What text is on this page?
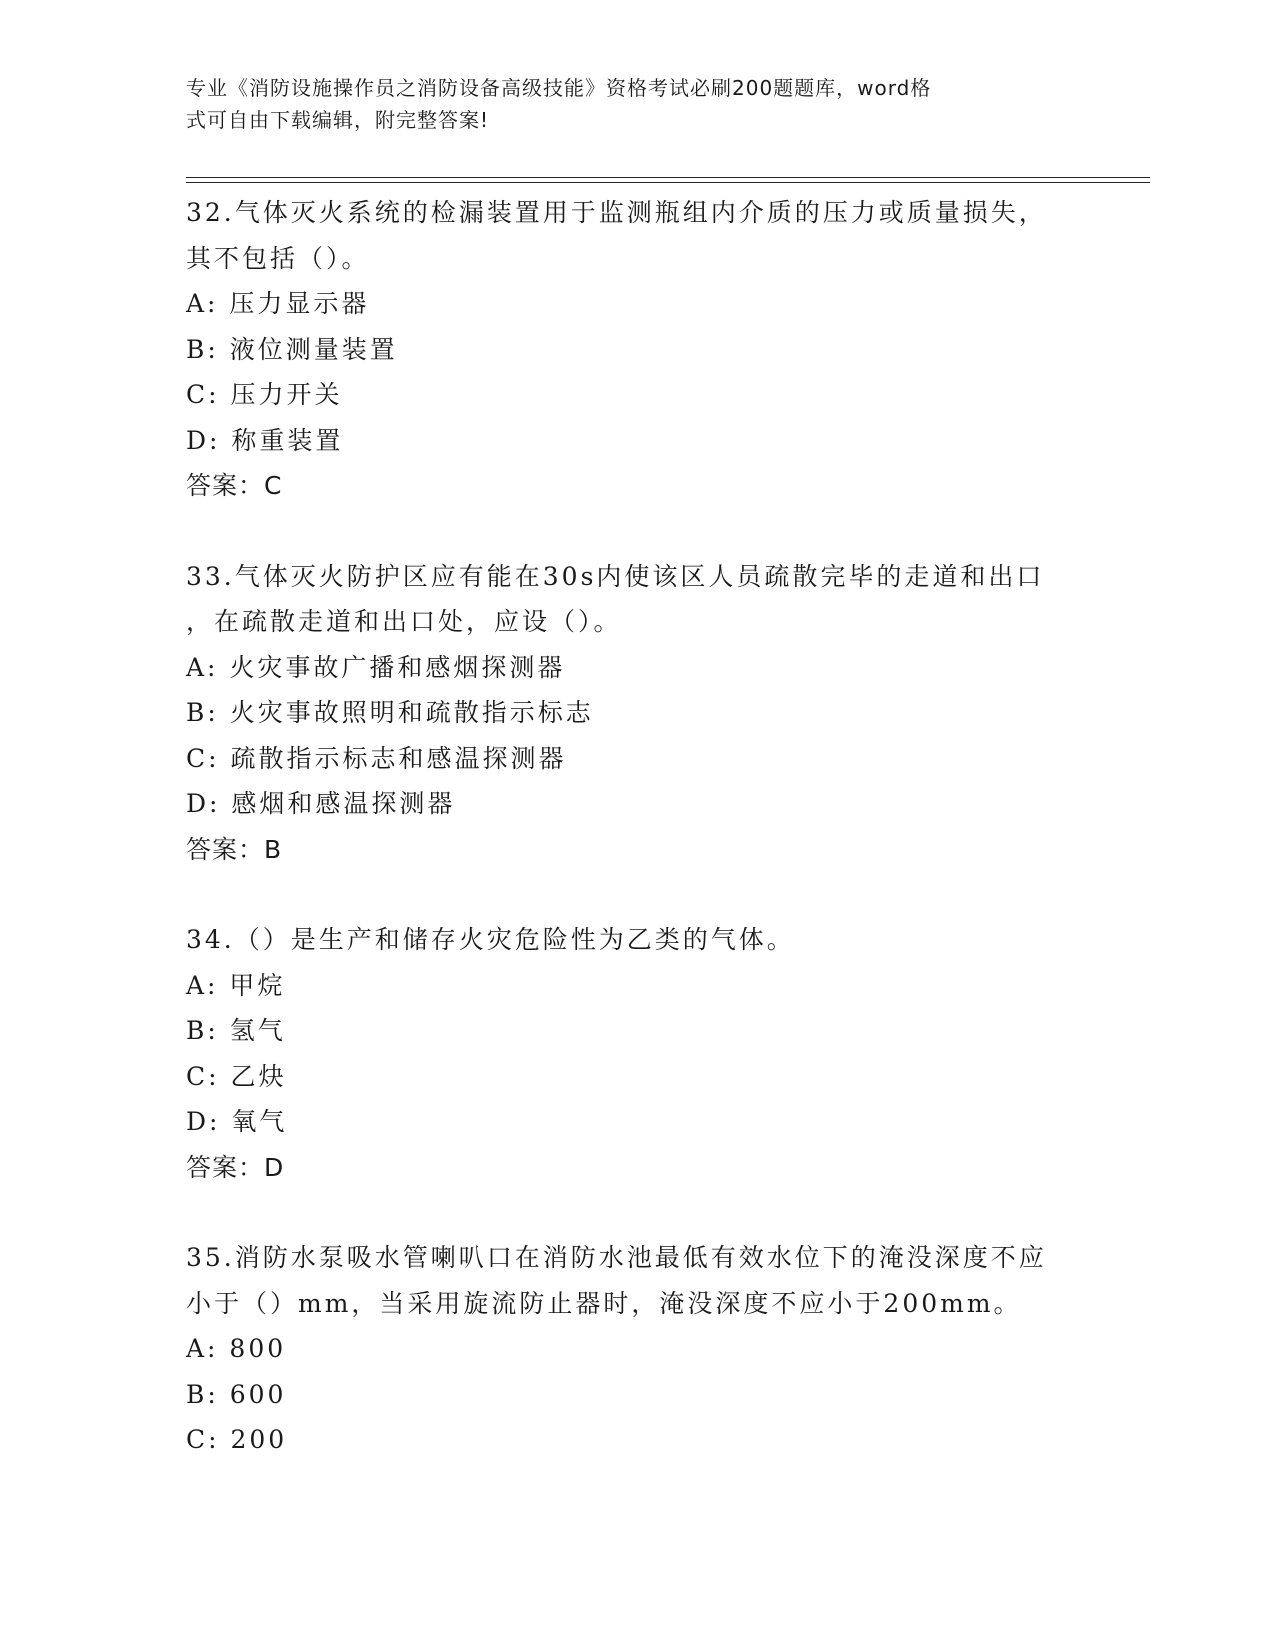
专业《消防设施操作员之消防设备高级技能》资格考试必刷200题题库，word格
式可自由下载编辑，附完整答案!
32.气体灭火系统的检漏装置用于监测瓶组内介质的压力或质量损失，
其不包括（）。
A: 压力显示器
B: 液位测量装置
C: 压力开关
D: 称重装置
答案：C
33.气体灭火防护区应有能在30s内使该区人员疏散完毕的走道和出口
，在疏散走道和出口处，应设（）。
A: 火灾事故广播和感烟探测器
B: 火灾事故照明和疏散指示标志
C: 疏散指示标志和感温探测器
D: 感烟和感温探测器
答案：B
34.（）是生产和储存火灾危险性为乙类的气体。
A: 甲烷
B: 氢气
C: 乙炔
D: 氧气
答案：D
35.消防水泵吸水管喇叭口在消防水池最低有效水位下的淹没深度不应
小于（）mm，当采用旋流防止器时，淹没深度不应小于200mm。
A: 800
B: 600
C: 200
